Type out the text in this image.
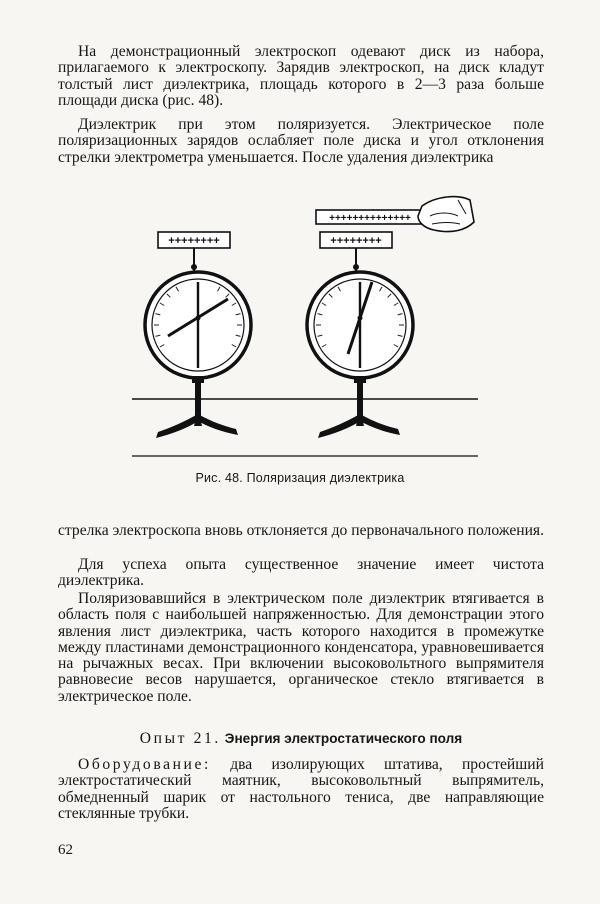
На демонстрационный электроскоп одевают диск из набора, прилагаемого к электроскопу. Зарядив электроскоп, на диск кладут толстый лист диэлектрика, площадь которого в 2—3 раза больше площади диска (рис. 48).

Диэлектрик при этом поляризуется. Электрическое поле поляризационных зарядов ослабляет поле диска и угол отклонения стрелки электрометра уменьшается. После удаления диэлектрика

++++++++
++++++++++++++
++++++++
Рис. 48. Поляризация диэлектрика

стрелка электроскопа вновь отклоняется до первоначального положения.

Для успеха опыта существенное значение имеет чистота диэлектрика.

Поляризовавшийся в электрическом поле диэлектрик втягивается в область поля с наибольшей напряженностью. Для демонстрации этого явления лист диэлектрика, часть которого находится в промежутке между пластинами демонстрационного конденсатора, уравновешивается на рычажных весах. При включении высоковольтного выпрямителя равновесие весов нарушается, органическое стекло втягивается в электрическое поле.

Опыт 21. Энергия электростатического поля

Оборудование: два изолирующих штатива, простейший электростатический маятник, высоковольтный выпрямитель, обмедненный шарик от настольного тениса, две направляющие стеклянные трубки.

62
